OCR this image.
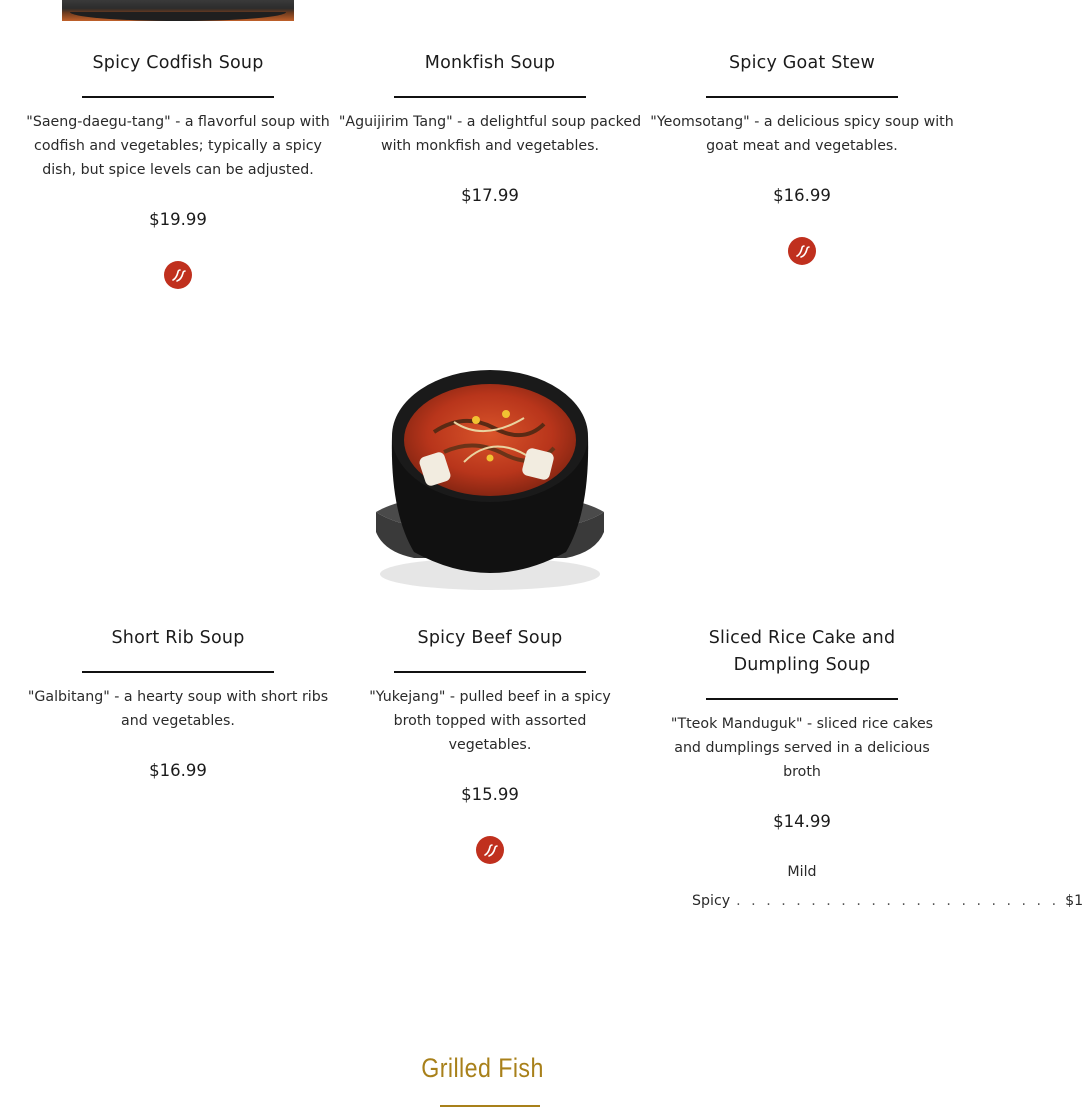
Spicy Codfish Soup
"Saeng-daegu-tang" - a flavorful soup with codfish and vegetables; typically a spicy dish, but spice levels can be adjusted.
$19.99
Monkfish Soup
"Aguijirim Tang" - a delightful soup packed with monkfish and vegetables.
$17.99
Spicy Goat Stew
"Yeomsotang" - a delicious spicy soup with goat meat and vegetables.
$16.99
Short Rib Soup
"Galbitang" - a hearty soup with short ribs and vegetables.
$16.99
Spicy Beef Soup
"Yukejang" - pulled beef in a spicy broth topped with assorted vegetables.
$15.99
Sliced Rice Cake and Dumpling Soup
"Tteok Manduguk" - sliced rice cakes and dumplings served in a delicious broth
$14.99
Mild
Spicy . . . . . . . . . . . . . . . . . . . . . . $1
Grilled Fish
